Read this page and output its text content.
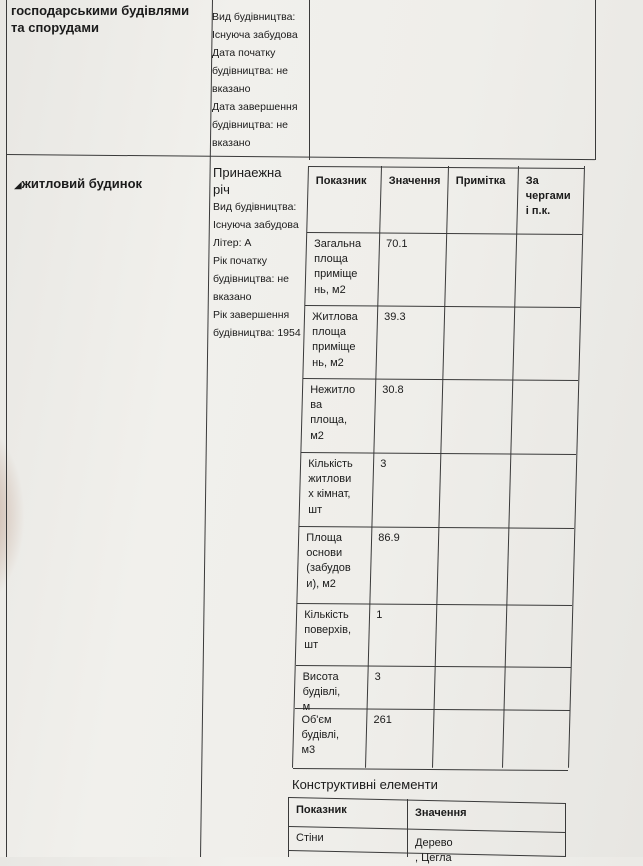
господарськими будівлями
та спорудами
Вид будівництва:
Існуюча забудова
Дата початку
будівництва: не
вказано
Дата завершення
будівництва: не
вказано

◢житловий будинок

Принаежна
річ
Вид будівництва:
Існуюча забудова
Літер: А
Рік початку
будівництва: не
вказано
Рік завершення
будівництва: 1954
Показник Значення Примітка За
чергами
і п.к.
Загальна
площа
приміще
нь, м2
70.1
Житлова
площа
приміще
нь, м2
39.3
Нежитло
ва
площа,
м2
30.8
Кількість
житлови
х кімнат,
шт
3
Площа
основи
(забудов
и), м2
86.9
Кількість
поверхів,
шт
1
Висота
будівлі, м
3
Об'єм
будівлі,
м3
261
Конструктивні елементи
Показник	Значення
Стіни	Дерево , Цегла
